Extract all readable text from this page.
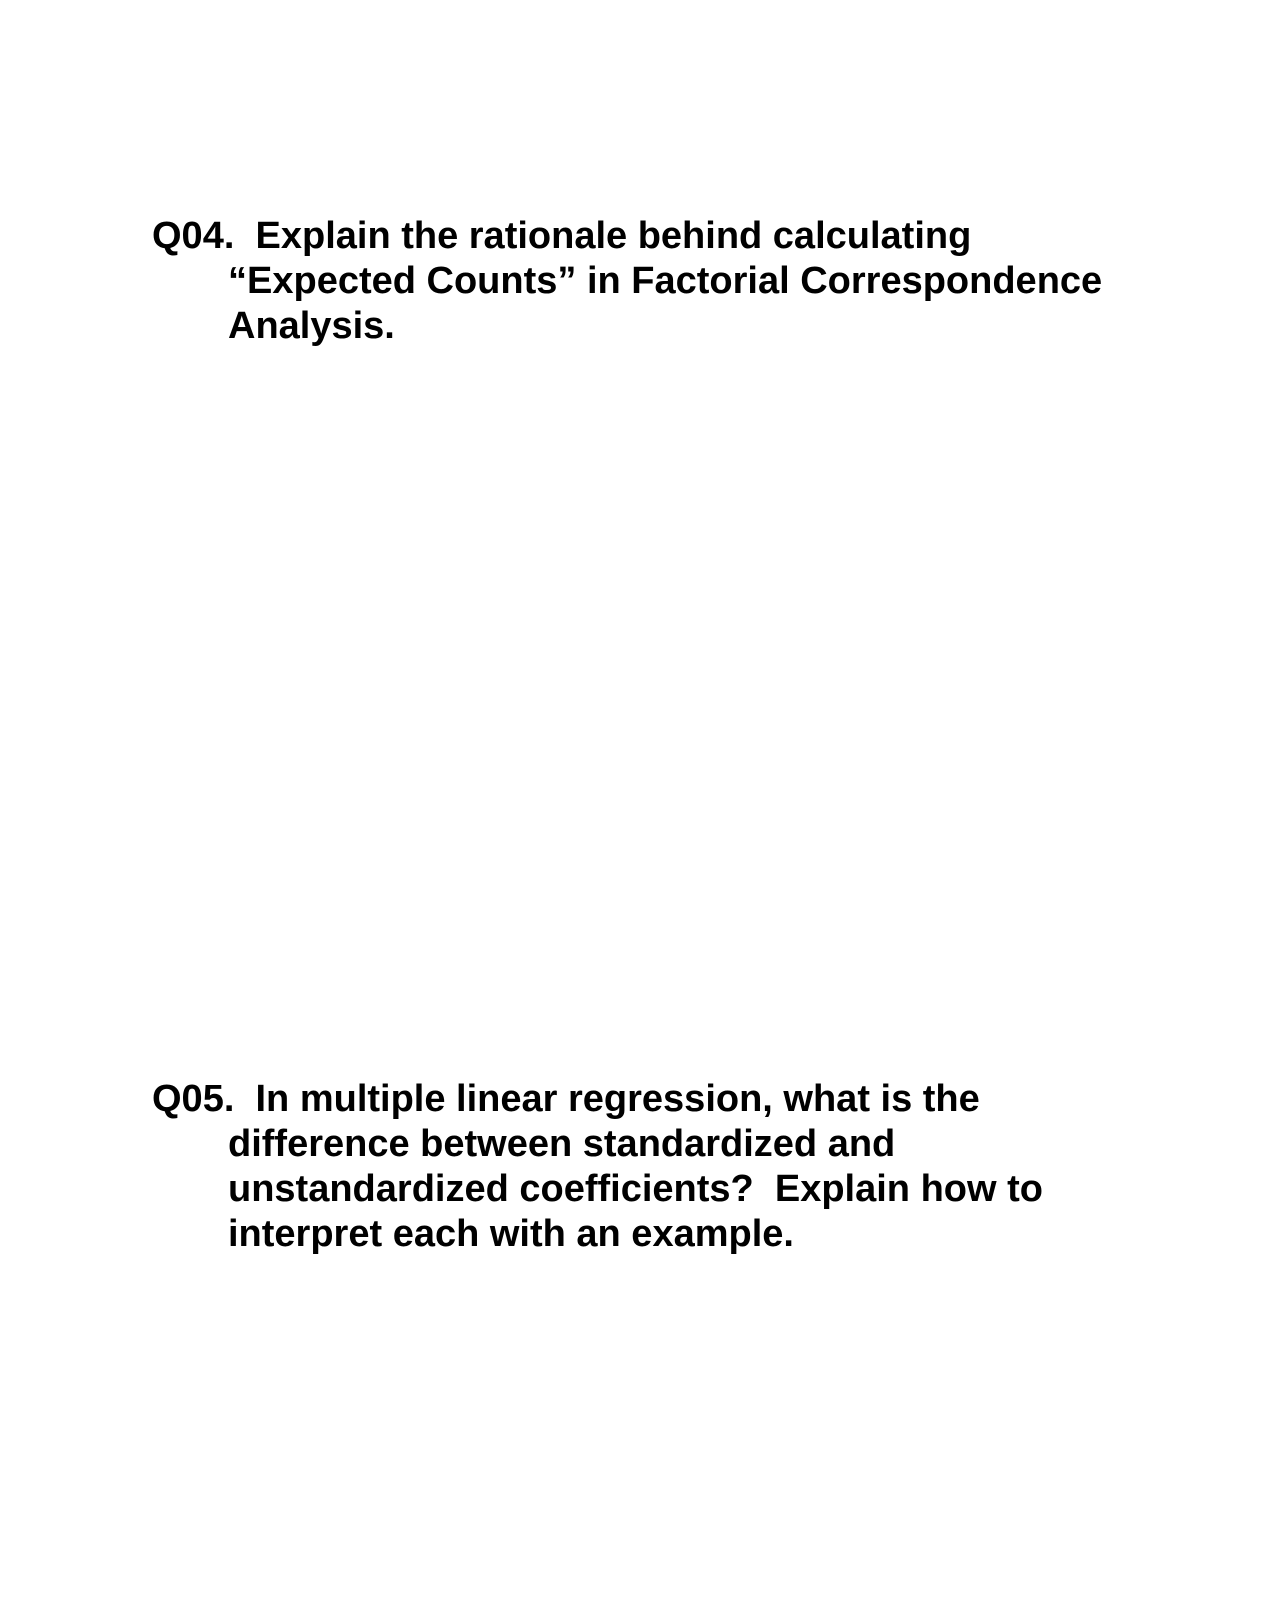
Q04.  Explain the rationale behind calculating
“Expected Counts” in Factorial Correspondence
Analysis.
Q05.  In multiple linear regression, what is the
difference between standardized and
unstandardized coefficients?  Explain how to
interpret each with an example.
